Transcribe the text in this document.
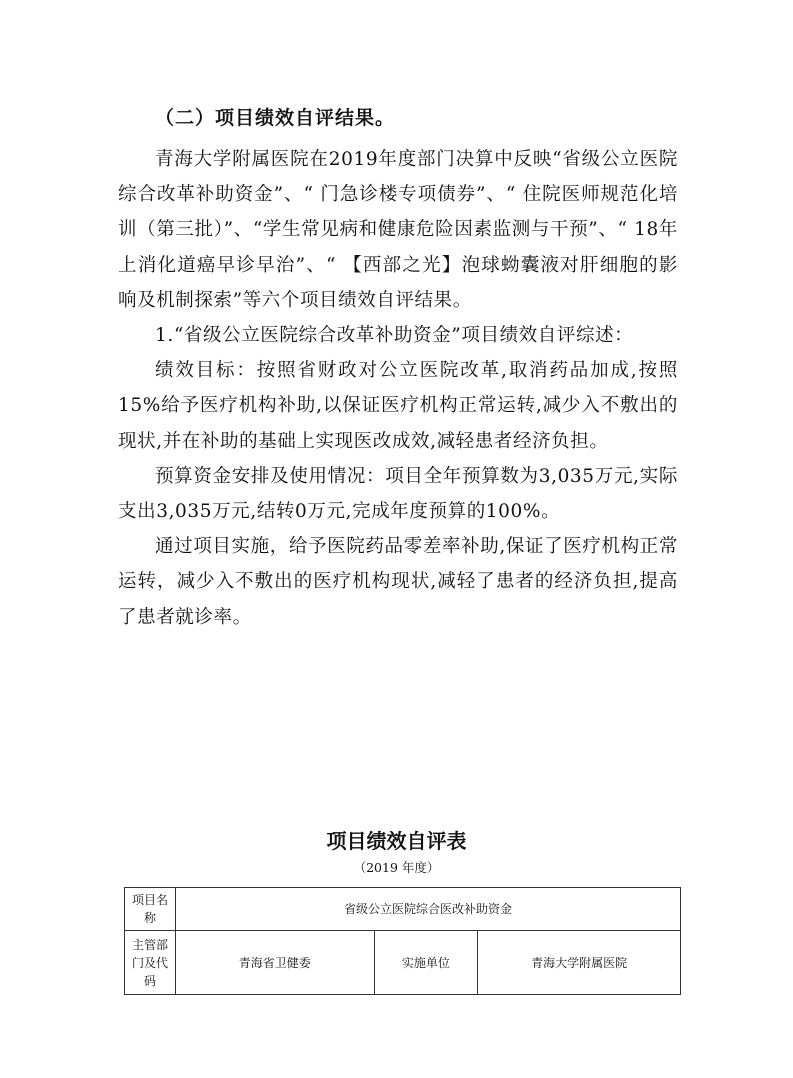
（二）项目绩效自评结果。

青海大学附属医院在2019年度部门决算中反映“省级公立医院综合改革补助资金”、“ 门急诊楼专项债券”、“ 住院医师规范化培训（第三批）”、“学生常见病和健康危险因素监测与干预”、“ 18年上消化道癌早诊早治”、“ 【西部之光】泡球蚴囊液对肝细胞的影响及机制探索”等六个项目绩效自评结果。

1.“省级公立医院综合改革补助资金”项目绩效自评综述：

绩效目标：按照省财政对公立医院改革,取消药品加成,按照15%给予医疗机构补助,以保证医疗机构正常运转,减少入不敷出的现状,并在补助的基础上实现医改成效,减轻患者经济负担。

预算资金安排及使用情况：项目全年预算数为3,035万元,实际支出3,035万元,结转0万元,完成年度预算的100%。

通过项目实施，给予医院药品零差率补助,保证了医疗机构正常运转，减少入不敷出的医疗机构现状,减轻了患者的经济负担,提高了患者就诊率。

项目绩效自评表
（2019 年度）
项目名称	省级公立医院综合医改补助资金		
主管部门及代码	青海省卫健委	实施单位	青海大学附属医院
